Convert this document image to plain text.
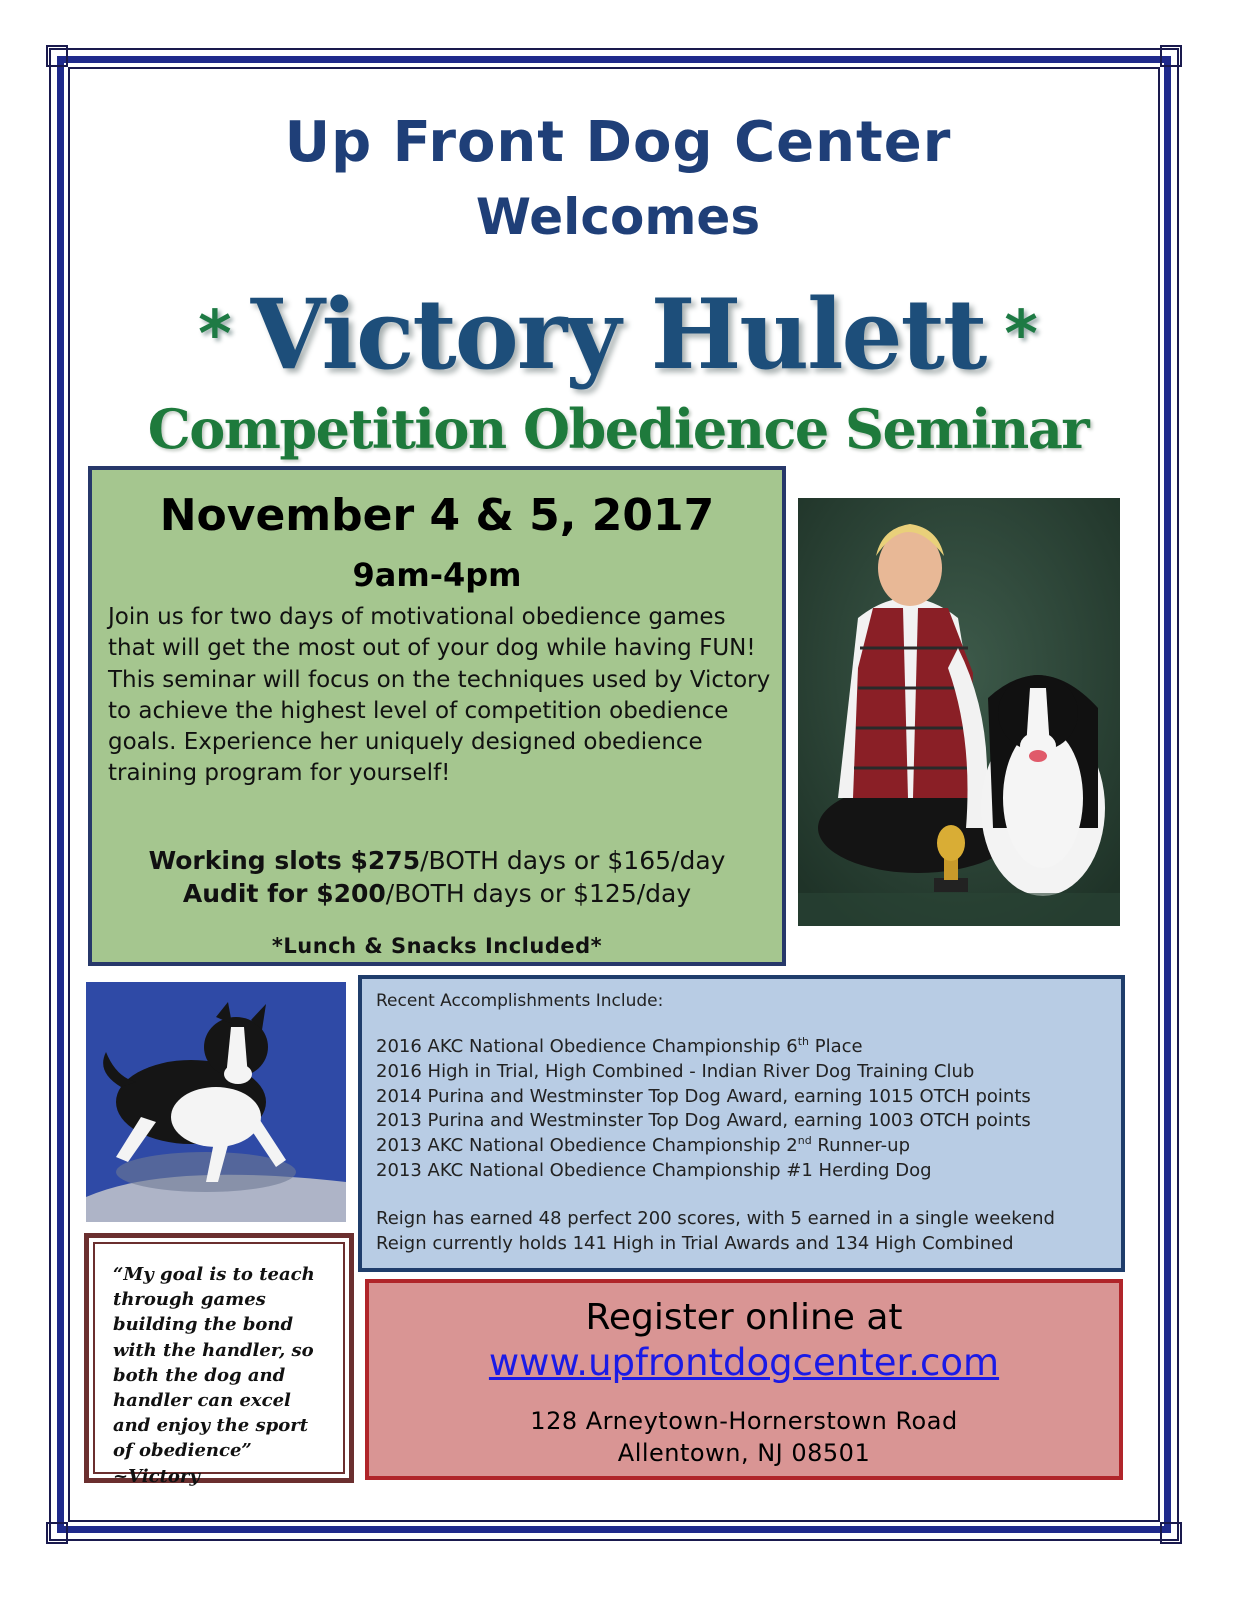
Up Front Dog Center
Welcomes
* Victory Hulett *
Competition Obedience Seminar
November 4 & 5, 2017
9am-4pm
Join us for two days of motivational obedience games that will get the most out of your dog while having FUN! This seminar will focus on the techniques used by Victory to achieve the highest level of competition obedience goals. Experience her uniquely designed obedience training program for yourself!
Working slots $275/BOTH days or $165/day
Audit for $200/BOTH days or $125/day
*Lunch & Snacks Included*
Recent Accomplishments Include:
2016 AKC National Obedience Championship 6th Place
2016 High in Trial, High Combined - Indian River Dog Training Club
2014 Purina and Westminster Top Dog Award, earning 1015 OTCH points
2013 Purina and Westminster Top Dog Award, earning 1003 OTCH points
2013 AKC National Obedience Championship 2nd Runner-up
2013 AKC National Obedience Championship #1 Herding Dog
Reign has earned 48 perfect 200 scores, with 5 earned in a single weekend
Reign currently holds 141 High in Trial Awards and 134 High Combined
“My goal is to teach through games building the bond with the handler, so both the dog and handler can excel and enjoy the sport of obedience” ~Victory
Register online at
www.upfrontdogcenter.com
128 Arneytown-Hornerstown Road
Allentown, NJ 08501
